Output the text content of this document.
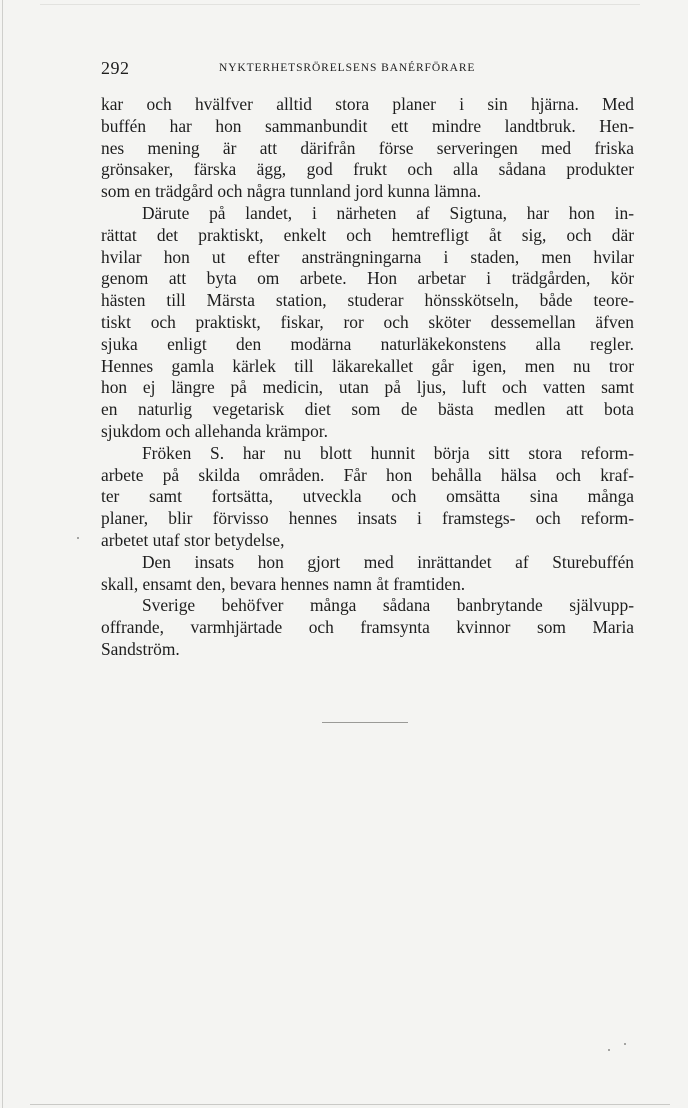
292	NYKTERHETSRÖRELSENS BANÉRFÖRARE
kar och hvälfver alltid stora planer i sin hjärna. Med
buffén har hon sammanbundit ett mindre landtbruk. Hen-
nes mening är att därifrån förse serveringen med friska
grönsaker, färska ägg, god frukt och alla sådana produkter
som en trädgård och några tunnland jord kunna lämna.
Därute på landet, i närheten af Sigtuna, har hon in-
rättat det praktiskt, enkelt och hemtrefligt åt sig, och där
hvilar hon ut efter ansträngningarna i staden, men hvilar
genom att byta om arbete. Hon arbetar i trädgården, kör
hästen till Märsta station, studerar hönsskötseln, både teore-
tiskt och praktiskt, fiskar, ror och sköter dessemellan äfven
sjuka enligt den modärna naturläkekonstens alla regler.
Hennes gamla kärlek till läkarekallet går igen, men nu tror
hon ej längre på medicin, utan på ljus, luft och vatten samt
en naturlig vegetarisk diet som de bästa medlen att bota
sjukdom och allehanda krämpor.
Fröken S. har nu blott hunnit börja sitt stora reform-
arbete på skilda områden. Får hon behålla hälsa och kraf-
ter samt fortsätta, utveckla och omsätta sina många
planer, blir förvisso hennes insats i framstegs- och reform-
arbetet utaf stor betydelse,
Den insats hon gjort med inrättandet af Sturebuffén
skall, ensamt den, bevara hennes namn åt framtiden.
Sverige behöfver många sådana banbrytande självupp-
offrande, varmhjärtade och framsynta kvinnor som Maria
Sandström.
